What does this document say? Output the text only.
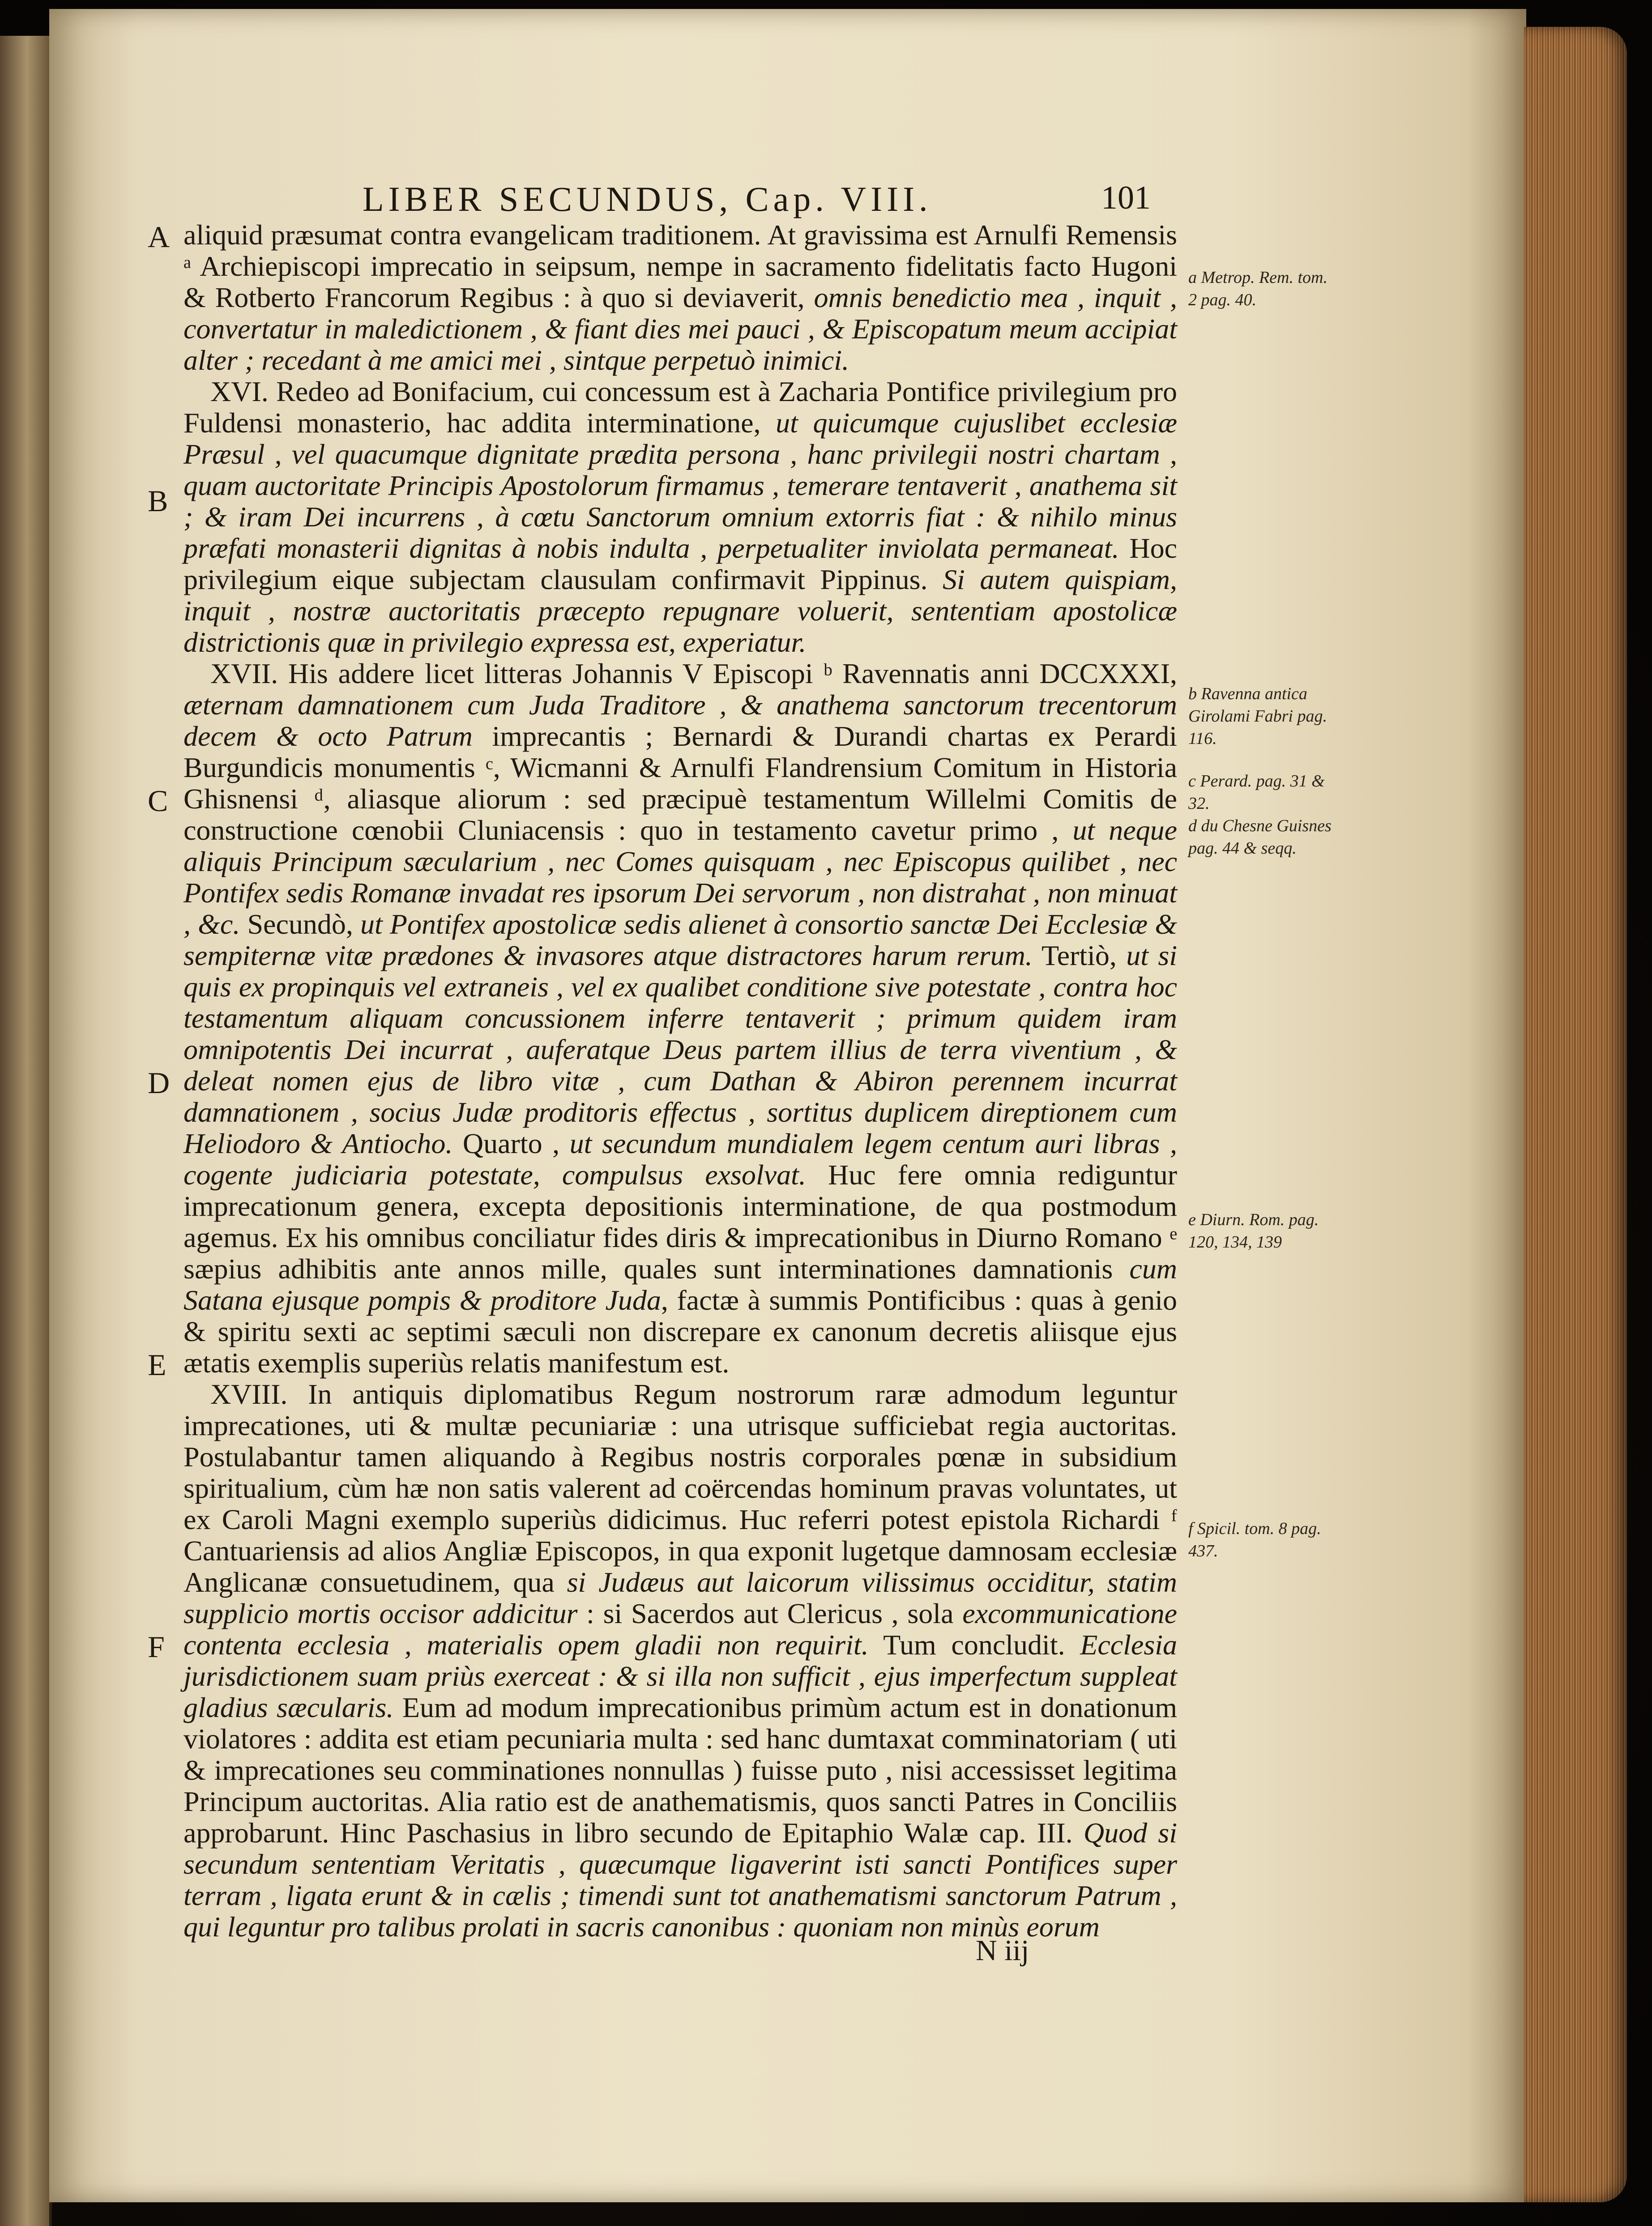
LIBER SECUNDUS, Cap. VIII.	101
A
B
C
D
E
F

aliquid præsumat contra evangelicam traditionem. At gravissima est Arnulfi Remensis ᵃ Archiepiscopi imprecatio in seipsum, nempe in sacramento fidelitatis facto Hugoni & Rotberto Francorum Regibus : à quo si deviaverit, omnis benedictio mea , inquit , convertatur in maledictionem , & fiant dies mei pauci , & Episcopatum meum accipiat alter ; recedant à me amici mei , sintque perpetuò inimici.

XVI. Redeo ad Bonifacium, cui concessum est à Zacharia Pontifice privilegium pro Fuldensi monasterio, hac addita interminatione, ut quicumque cujuslibet ecclesiæ Præsul , vel quacumque dignitate prædita persona , hanc privilegii nostri chartam , quam auctoritate Principis Apostolorum firmamus , temerare tentaverit , anathema sit ; & iram Dei incurrens , à cœtu Sanctorum omnium extorris fiat : & nihilo minus præfati monasterii dignitas à nobis indulta , perpetualiter inviolata permaneat. Hoc privilegium eique subjectam clausulam confirmavit Pippinus. Si autem quispiam, inquit , nostræ auctoritatis præcepto repugnare voluerit, sententiam apostolicæ districtionis quæ in privilegio expressa est, experiatur.

XVII. His addere licet litteras Johannis V Episcopi ᵇ Ravennatis anni DCCXXXI, æternam damnationem cum Juda Traditore , & anathema sanctorum trecentorum decem & octo Patrum imprecantis ; Bernardi & Durandi chartas ex Perardi Burgundicis monumentis ᶜ, Wicmanni & Arnulfi Flandrensium Comitum in Historia Ghisnensi ᵈ, aliasque aliorum : sed præcipuè testamentum Willelmi Comitis de constructione cœnobii Cluniacensis : quo in testamento cavetur primo , ut neque aliquis Principum sæcularium , nec Comes quisquam , nec Episcopus quilibet , nec Pontifex sedis Romanæ invadat res ipsorum Dei servorum , non distrahat , non minuat , &c. Secundò, ut Pontifex apostolicæ sedis alienet à consortio sanctæ Dei Ecclesiæ & sempiternæ vitæ prædones & invasores atque distractores harum rerum. Tertiò, ut si quis ex propinquis vel extraneis , vel ex qualibet conditione sive potestate , contra hoc testamentum aliquam concussionem inferre tentaverit ; primum quidem iram omnipotentis Dei incurrat , auferatque Deus partem illius de terra viventium , & deleat nomen ejus de libro vitæ , cum Dathan & Abiron perennem incurrat damnationem , socius Judæ proditoris effectus , sortitus duplicem direptionem cum Heliodoro & Antiocho. Quarto , ut secundum mundialem legem centum auri libras , cogente judiciaria potestate, compulsus exsolvat. Huc fere omnia rediguntur imprecationum genera, excepta depositionis interminatione, de qua postmodum agemus. Ex his omnibus conciliatur fides diris & imprecationibus in Diurno Romano ᵉ sæpius adhibitis ante annos mille, quales sunt interminationes damnationis cum Satana ejusque pompis & proditore Juda, factæ à summis Pontificibus : quas à genio & spiritu sexti ac septimi sæculi non discrepare ex canonum decretis aliisque ejus ætatis exemplis superiùs relatis manifestum est.

XVIII. In antiquis diplomatibus Regum nostrorum raræ admodum leguntur imprecationes, uti & multæ pecuniariæ : una utrisque sufficiebat regia auctoritas. Postulabantur tamen aliquando à Regibus nostris corporales pœnæ in subsidium spiritualium, cùm hæ non satis valerent ad coërcendas hominum pravas voluntates, ut ex Caroli Magni exemplo superiùs didicimus. Huc referri potest epistola Richardi ᶠ Cantuariensis ad alios Angliæ Episcopos, in qua exponit lugetque damnosam ecclesiæ Anglicanæ consuetudinem, qua si Judæus aut laicorum vilissimus occiditur, statim supplicio mortis occisor addicitur : si Sacerdos aut Clericus , sola excommunicatione contenta ecclesia , materialis opem gladii non requirit. Tum concludit. Ecclesia jurisdictionem suam priùs exerceat : & si illa non sufficit , ejus imperfectum suppleat gladius sæcularis. Eum ad modum imprecationibus primùm actum est in donationum violatores : addita est etiam pecuniaria multa : sed hanc dumtaxat comminatoriam ( uti & imprecationes seu comminationes nonnullas ) fuisse puto , nisi accessisset legitima Principum auctoritas. Alia ratio est de anathematismis, quos sancti Patres in Conciliis approbarunt. Hinc Paschasius in libro secundo de Epitaphio Walæ cap. III. Quod si secundum sententiam Veritatis , quæcumque ligaverint isti sancti Pontifices super terram , ligata erunt & in cælis ; timendi sunt tot anathematismi sanctorum Patrum , qui leguntur pro talibus prolati in sacris canonibus : quoniam non minùs eorum

a Metrop. Rem. tom. 2 pag. 40.
b Ravenna antica Girolami Fabri pag. 116.
c Perard. pag. 31 & 32.
d du Chesne Guisnes pag. 44 & seqq.
e Diurn. Rom. pag. 120, 134, 139
f Spicil. tom. 8 pag. 437.
N iij
